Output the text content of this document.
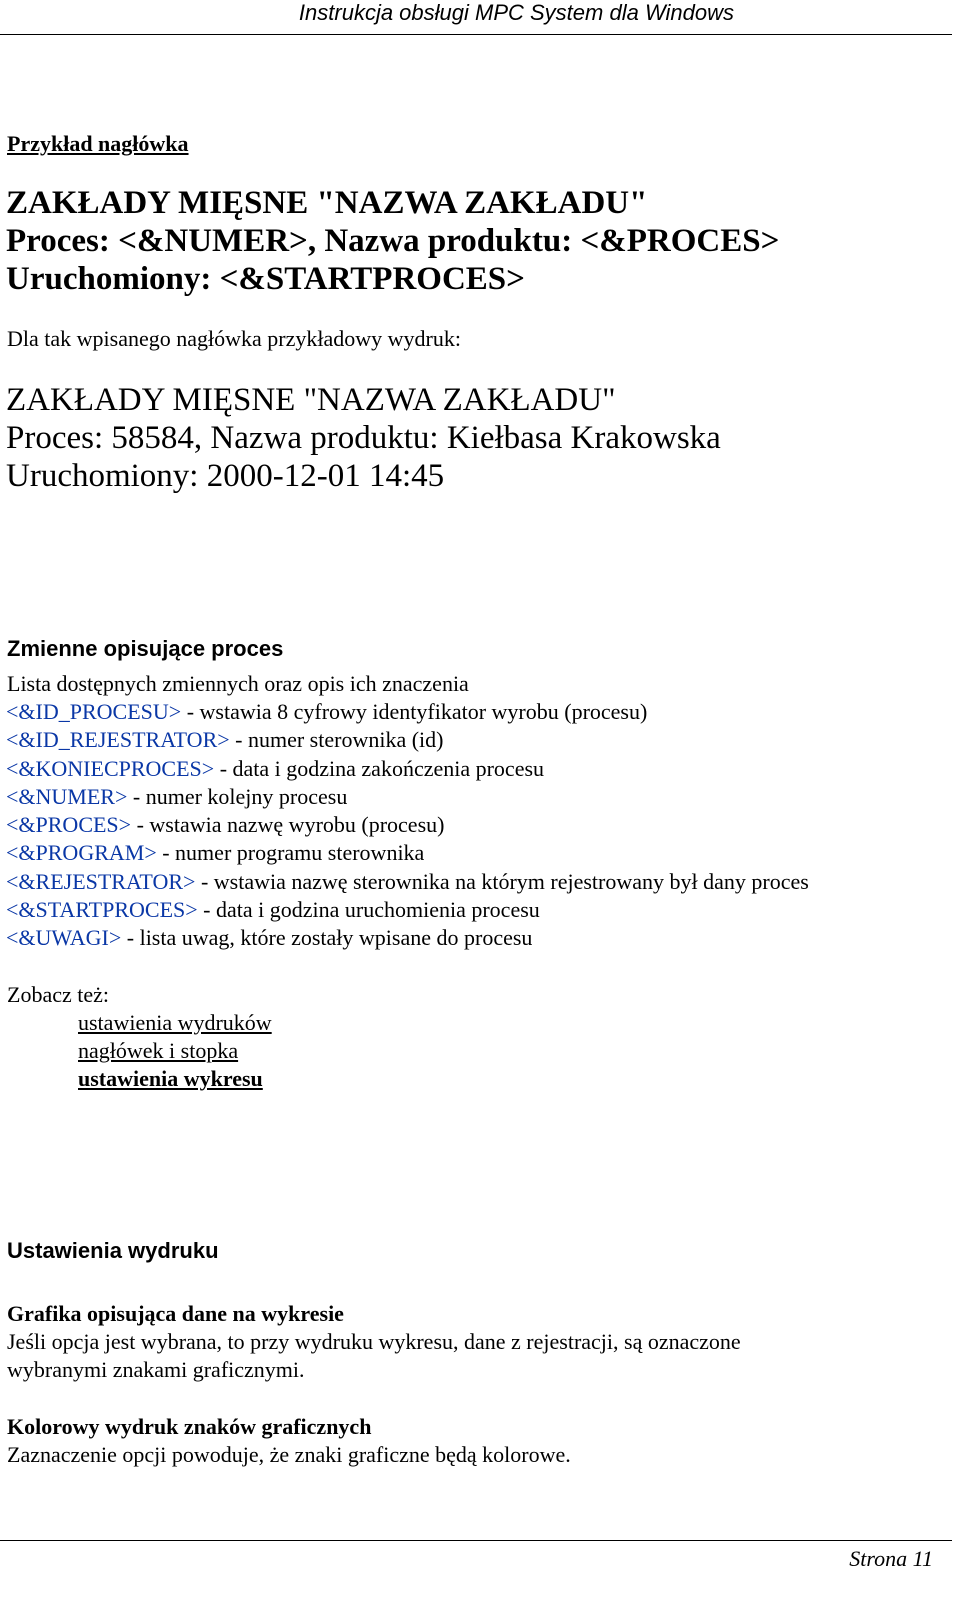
Instrukcja obsługi MPC System dla Windows
Przykład nagłówka
ZAKŁADY MIĘSNE "NAZWA ZAKŁADU"
Proces: <&NUMER>, Nazwa produktu: <&PROCES>
Uruchomiony: <&STARTPROCES>
Dla tak wpisanego nagłówka przykładowy wydruk:
ZAKŁADY MIĘSNE "NAZWA ZAKŁADU"
Proces: 58584, Nazwa produktu: Kiełbasa Krakowska
Uruchomiony: 2000-12-01 14:45
Zmienne opisujące proces
Lista dostępnych zmiennych oraz opis ich znaczenia
<&ID_PROCESU> - wstawia 8 cyfrowy identyfikator wyrobu (procesu)
<&ID_REJESTRATOR> - numer sterownika (id)
<&KONIECPROCES> - data i godzina zakończenia procesu
<&NUMER> - numer kolejny procesu
<&PROCES> - wstawia nazwę wyrobu (procesu)
<&PROGRAM> - numer programu sterownika
<&REJESTRATOR> - wstawia nazwę sterownika na którym rejestrowany był dany proces
<&STARTPROCES> - data i godzina uruchomienia procesu
<&UWAGI> - lista uwag, które zostały wpisane do procesu
Zobacz też:
ustawienia wydruków
nagłówek i stopka
ustawienia wykresu
Ustawienia wydruku
Grafika opisująca dane na wykresie
Jeśli opcja jest wybrana, to przy wydruku wykresu, dane z rejestracji, są oznaczone
wybranymi znakami graficznymi.
Kolorowy wydruk znaków graficznych
Zaznaczenie opcji powoduje, że znaki graficzne będą kolorowe.
Strona 11
